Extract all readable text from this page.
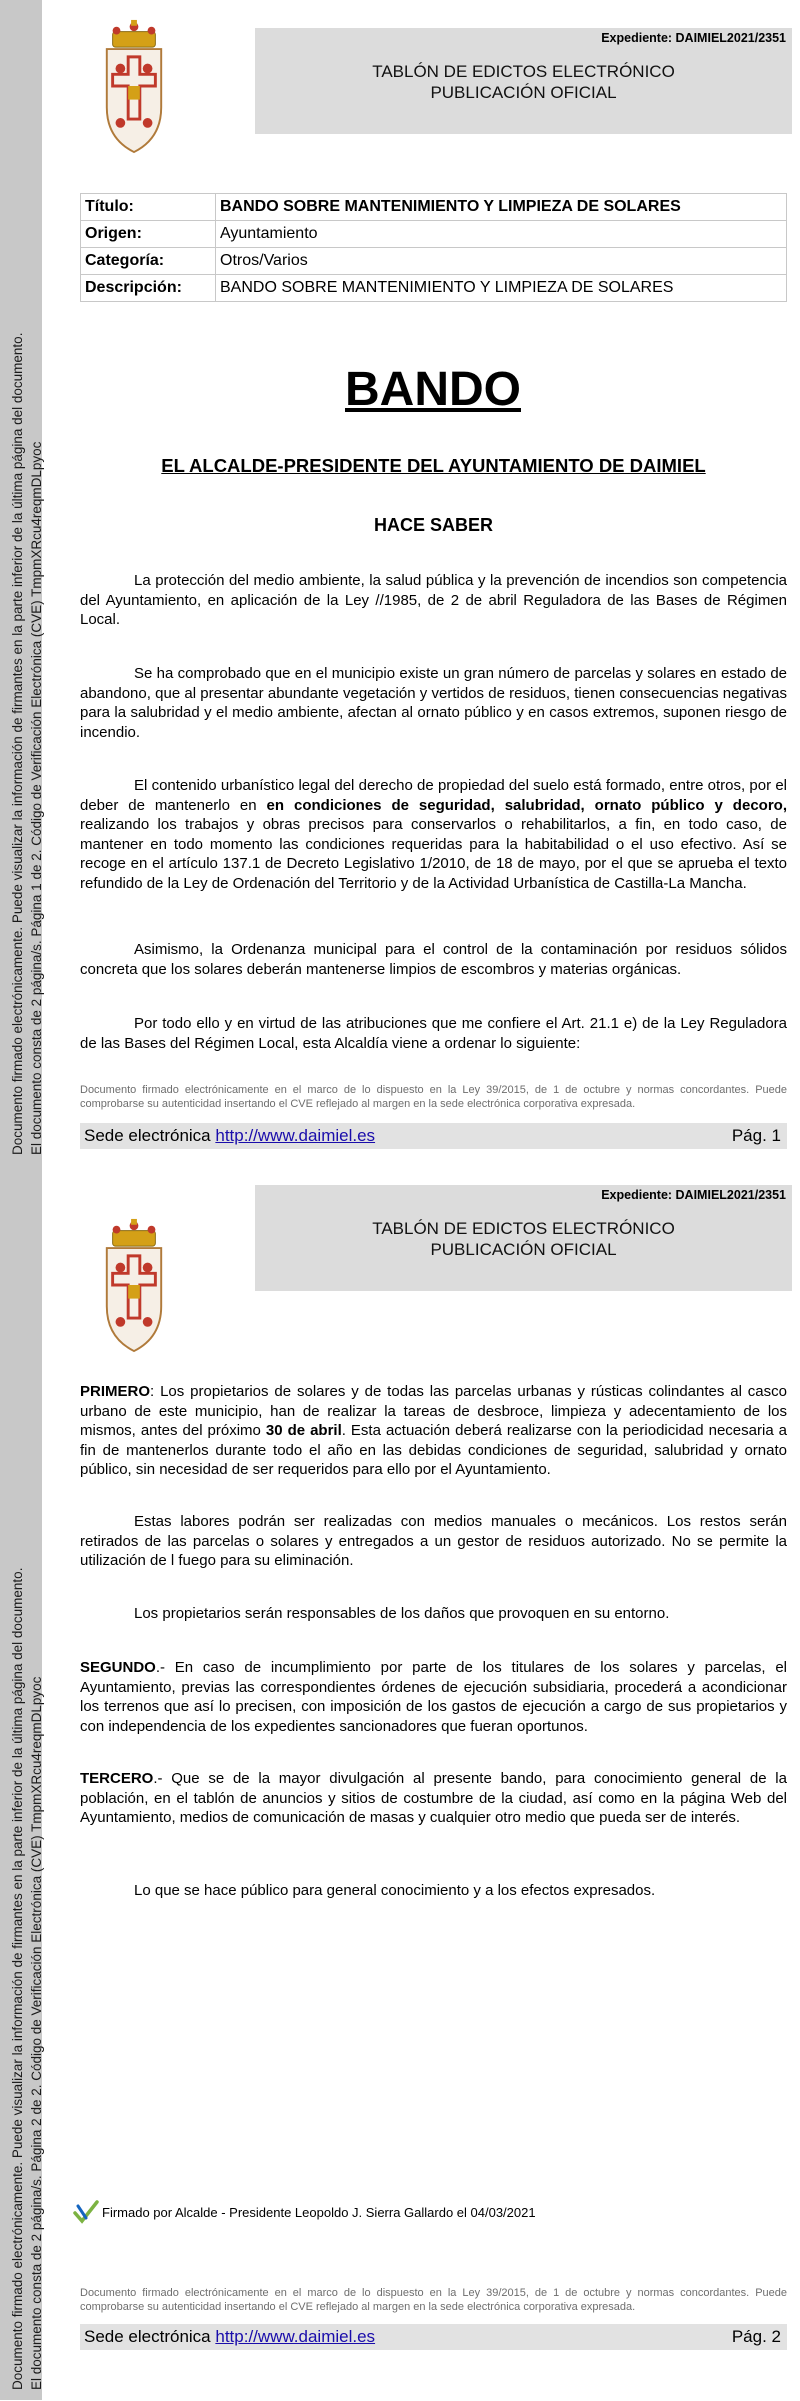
Documento firmado electrónicamente. Puede visualizar la información de firmantes en la parte inferior de la última página del documento. El documento consta de 2 página/s. Página 1 de 2. Código de Verificación Electrónica (CVE) TmpmXRcu4reqmDLpyoc
Expediente: DAIMIEL2021/2351
TABLÓN DE EDICTOS ELECTRÓNICO
PUBLICACIÓN OFICIAL
Título:	BANDO SOBRE MANTENIMIENTO Y LIMPIEZA DE SOLARES
Origen:	Ayuntamiento
Categoría:	Otros/Varios
Descripción:	BANDO SOBRE MANTENIMIENTO Y LIMPIEZA DE SOLARES
BANDO
EL ALCALDE-PRESIDENTE DEL AYUNTAMIENTO DE DAIMIEL
HACE SABER

La protección del medio ambiente, la salud pública y la prevención de incendios son competencia del Ayuntamiento, en aplicación de la Ley //1985, de 2 de abril Reguladora de las Bases de Régimen Local.

Se ha comprobado que en el municipio existe un gran número de parcelas y solares en estado de abandono, que al presentar abundante vegetación y vertidos de residuos, tienen consecuencias negativas para la salubridad y el medio ambiente, afectan al ornato público y en casos extremos, suponen riesgo de incendio.

El contenido urbanístico legal del derecho de propiedad del suelo está formado, entre otros, por el deber de mantenerlo en en condiciones de seguridad, salubridad, ornato público y decoro, realizando los trabajos y obras precisos para conservarlos o rehabilitarlos, a fin, en todo caso, de mantener en todo momento las condiciones requeridas para la habitabilidad o el uso efectivo. Así se recoge en el artículo 137.1 de Decreto Legislativo 1/2010, de 18 de mayo, por el que se aprueba el texto refundido de la Ley de Ordenación del Territorio y de la Actividad Urbanística de Castilla-La Mancha.

Asimismo, la Ordenanza municipal para el control de la contaminación por residuos sólidos concreta que los solares deberán mantenerse limpios de escombros y materias orgánicas.

Por todo ello y en virtud de las atribuciones que me confiere el Art. 21.1 e) de la Ley Reguladora de las Bases del Régimen Local, esta Alcaldía viene a ordenar lo siguiente:

Documento firmado electrónicamente en el marco de lo dispuesto en la Ley 39/2015, de 1 de octubre y normas concordantes. Puede comprobarse su autenticidad insertando el CVE reflejado al margen en la sede electrónica corporativa expresada.

Sede electrónica http://www.daimiel.es	Pág. 1
Documento firmado electrónicamente. Puede visualizar la información de firmantes en la parte inferior de la última página del documento. El documento consta de 2 página/s. Página 2 de 2. Código de Verificación Electrónica (CVE) TmpmXRcu4reqmDLpyoc
Expediente: DAIMIEL2021/2351
TABLÓN DE EDICTOS ELECTRÓNICO
PUBLICACIÓN OFICIAL

PRIMERO: Los propietarios de solares y de todas las parcelas urbanas y rústicas colindantes al casco urbano de este municipio, han de realizar la tareas de desbroce, limpieza y adecentamiento de los mismos, antes del próximo 30 de abril. Esta actuación deberá realizarse con la periodicidad necesaria a fin de mantenerlos durante todo el año en las debidas condiciones de seguridad, salubridad y ornato público, sin necesidad de ser requeridos para ello por el Ayuntamiento.

Estas labores podrán ser realizadas con medios manuales o mecánicos. Los restos serán retirados de las parcelas o solares y entregados a un gestor de residuos autorizado. No se permite la utilización de l fuego para su eliminación.

Los propietarios serán responsables de los daños que provoquen en su entorno.

SEGUNDO.- En caso de incumplimiento por parte de los titulares de los solares y parcelas, el Ayuntamiento, previas las correspondientes órdenes de ejecución subsidiaria, procederá a acondicionar los terrenos que así lo precisen, con imposición de los gastos de ejecución a cargo de sus propietarios y con independencia de los expedientes sancionadores que fueran oportunos.

TERCERO.- Que se de la mayor divulgación al presente bando, para conocimiento general de la población, en el tablón de anuncios y sitios de costumbre de la ciudad, así como en la página Web del Ayuntamiento, medios de comunicación de masas y cualquier otro medio que pueda ser de interés.

Lo que se hace público para general conocimiento y a los efectos expresados.

Documento firmado electrónicamente en el marco de lo dispuesto en la Ley 39/2015, de 1 de octubre y normas concordantes. Puede comprobarse su autenticidad insertando el CVE reflejado al margen en la sede electrónica corporativa expresada.

Sede electrónica http://www.daimiel.es	Pág. 2
Firmado por Alcalde - Presidente Leopoldo J. Sierra Gallardo el 04/03/2021
